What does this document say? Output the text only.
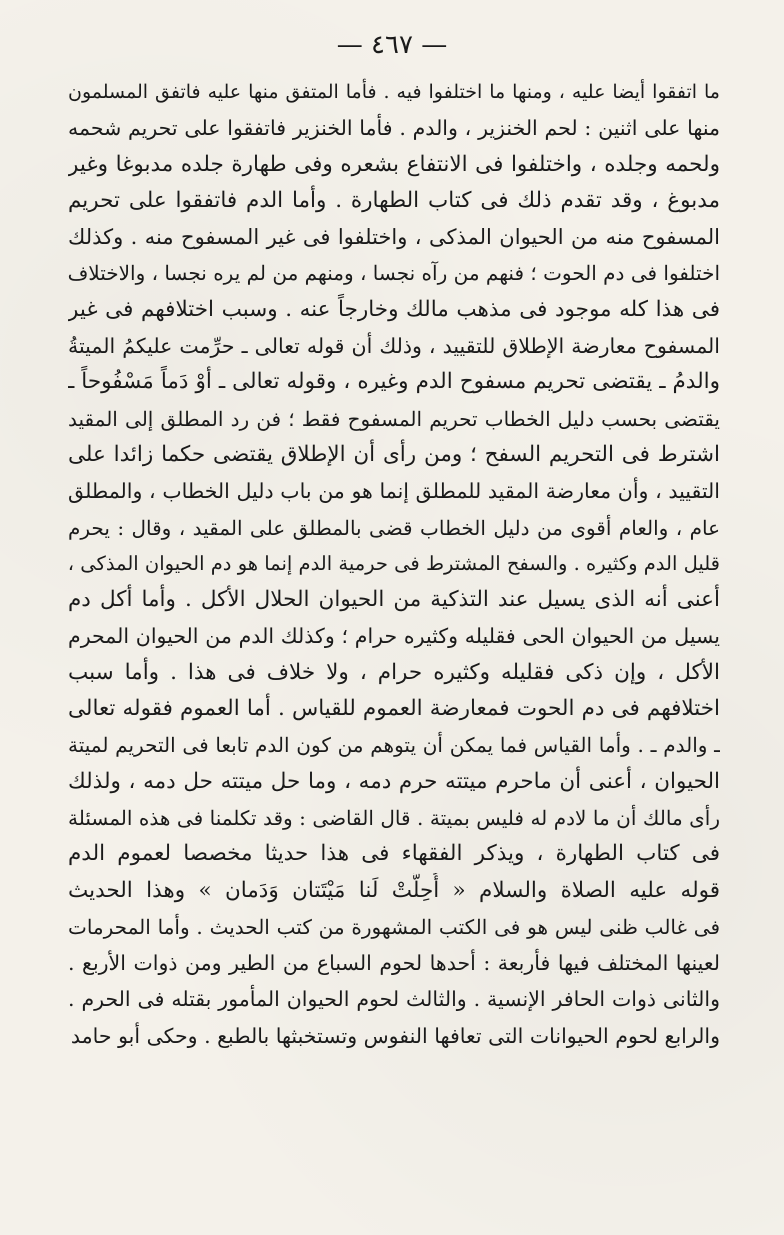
— ٤٦٧ —
ما اتفقوا أيضا عليه ، ومنها ما اختلفوا فيه . فأما المتفق منها عليه فاتفق المسلمون
منها على اثنين : لحم الخنزير ، والدم . فأما الخنزير فاتفقوا على تحريم شحمه
ولحمه وجلده ، واختلفوا فى الانتفاع بشعره وفى طهارة جلده مدبوغا وغير
مدبوغ ، وقد تقدم ذلك فى كتاب الطهارة . وأما الدم فاتفقوا على تحريم
المسفوح منه من الحيوان المذكى ، واختلفوا فى غير المسفوح منه . وكذلك
اختلفوا فى دم الحوت ؛ فنهم من رآه نجسا ، ومنهم من لم يره نجسا ، والاختلاف
فى هذا كله موجود فى مذهب مالك وخارجاً عنه . وسبب اختلافهم فى غير
المسفوح معارضة الإطلاق للتقييد ، وذلك أن قوله تعالى ـ حرِّمت عليكمُ الميتةُ
والدمُ ـ يقتضى تحريم مسفوح الدم وغيره ، وقوله تعالى ـ أوْ دَماً مَسْفُوحاً ـ
يقتضى بحسب دليل الخطاب تحريم المسفوح فقط ؛ فن رد المطلق إلى المقيد
اشترط فى التحريم السفح ؛ ومن رأى أن الإطلاق يقتضى حكما زائدا على
التقييد ، وأن معارضة المقيد للمطلق إنما هو من باب دليل الخطاب ، والمطلق
عام ، والعام أقوى من دليل الخطاب قضى بالمطلق على المقيد ، وقال : يحرم
قليل الدم وكثيره . والسفح المشترط فى حرمية الدم إنما هو دم الحيوان المذكى ،
أعنى أنه الذى يسيل عند التذكية من الحيوان الحلال الأكل . وأما أكل دم
يسيل من الحيوان الحى فقليله وكثيره حرام ؛ وكذلك الدم من الحيوان المحرم
الأكل ، وإن ذكى فقليله وكثيره حرام ، ولا خلاف فى هذا . وأما سبب
اختلافهم فى دم الحوت فمعارضة العموم للقياس . أما العموم فقوله تعالى
ـ والدم ـ . وأما القياس فما يمكن أن يتوهم من كون الدم تابعا فى التحريم لميتة
الحيوان ، أعنى أن ماحرم ميتته حرم دمه ، وما حل ميتته حل دمه ، ولذلك
رأى مالك أن ما لادم له فليس بميتة . قال القاضى : وقد تكلمنا فى هذه المسئلة
فى كتاب الطهارة ، ويذكر الفقهاء فى هذا حديثا مخصصا لعموم الدم
قوله عليه الصلاة والسلام « أُحِلَّتْ لَنا مَيْتَتان وَدَمان » وهذا الحديث
فى غالب ظنى ليس هو فى الكتب المشهورة من كتب الحديث . وأما المحرمات
لعينها المختلف فيها فأربعة : أحدها لحوم السباع من الطير ومن ذوات الأربع .
والثانى ذوات الحافر الإنسية . والثالث لحوم الحيوان المأمور بقتله فى الحرم .
والرابع لحوم الحيوانات التى تعافها النفوس وتستخبثها بالطبع . وحكى أبو حامد
